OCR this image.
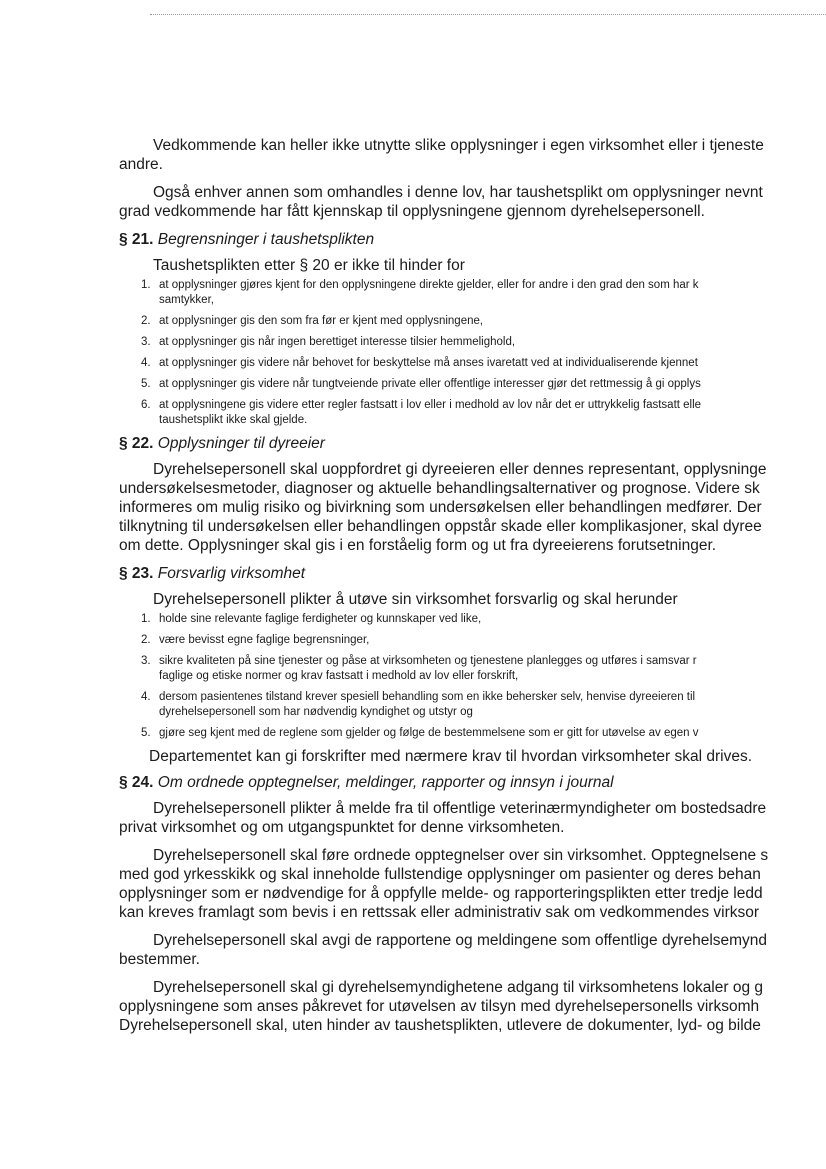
Vedkommende kan heller ikke utnytte slike opplysninger i egen virksomhet eller i tjeneste
andre.
Også enhver annen som omhandles i denne lov, har taushetsplikt om opplysninger nevnt
grad vedkommende har fått kjennskap til opplysningene gjennom dyrehelsepersonell.
§ 21. Begrensninger i taushetsplikten
Taushetsplikten etter § 20 er ikke til hinder for
1. at opplysninger gjøres kjent for den opplysningene direkte gjelder, eller for andre i den grad den som har k
samtykker,
2. at opplysninger gis den som fra før er kjent med opplysningene,
3. at opplysninger gis når ingen berettiget interesse tilsier hemmelighold,
4. at opplysninger gis videre når behovet for beskyttelse må anses ivaretatt ved at individualiserende kjennet
5. at opplysninger gis videre når tungtveiende private eller offentlige interesser gjør det rettmessig å gi opplys
6. at opplysningene gis videre etter regler fastsatt i lov eller i medhold av lov når det er uttrykkelig fastsatt elle
taushetsplikt ikke skal gjelde.
§ 22. Opplysninger til dyreeier
Dyrehelsepersonell skal uoppfordret gi dyreeieren eller dennes representant, opplysninge
undersøkelsesmetoder, diagnoser og aktuelle behandlingsalternativer og prognose. Videre sk
informeres om mulig risiko og bivirkning som undersøkelsen eller behandlingen medfører. Der
tilknytning til undersøkelsen eller behandlingen oppstår skade eller komplikasjoner, skal dyree
om dette. Opplysninger skal gis i en forståelig form og ut fra dyreeierens forutsetninger.
§ 23. Forsvarlig virksomhet
Dyrehelsepersonell plikter å utøve sin virksomhet forsvarlig og skal herunder
1. holde sine relevante faglige ferdigheter og kunnskaper ved like,
2. være bevisst egne faglige begrensninger,
3. sikre kvaliteten på sine tjenester og påse at virksomheten og tjenestene planlegges og utføres i samsvar r
faglige og etiske normer og krav fastsatt i medhold av lov eller forskrift,
4. dersom pasientenes tilstand krever spesiell behandling som en ikke behersker selv, henvise dyreeieren til
dyrehelsepersonell som har nødvendig kyndighet og utstyr og
5. gjøre seg kjent med de reglene som gjelder og følge de bestemmelsene som er gitt for utøvelse av egen v
Departementet kan gi forskrifter med nærmere krav til hvordan virksomheter skal drives.
§ 24. Om ordnede opptegnelser, meldinger, rapporter og innsyn i journal
Dyrehelsepersonell plikter å melde fra til offentlige veterinærmyndigheter om bostedsadre
privat virksomhet og om utgangspunktet for denne virksomheten.
Dyrehelsepersonell skal føre ordnede opptegnelser over sin virksomhet. Opptegnelsene s
med god yrkesskikk og skal inneholde fullstendige opplysninger om pasienter og deres behan
opplysninger som er nødvendige for å oppfylle melde- og rapporteringsplikten etter tredje ledd
kan kreves framlagt som bevis i en rettssak eller administrativ sak om vedkommendes virksor
Dyrehelsepersonell skal avgi de rapportene og meldingene som offentlige dyrehelsemynd
bestemmer.
Dyrehelsepersonell skal gi dyrehelsemyndighetene adgang til virksomhetens lokaler og g
opplysningene som anses påkrevet for utøvelsen av tilsyn med dyrehelsepersonells virksomh
Dyrehelsepersonell skal, uten hinder av taushetsplikten, utlevere de dokumenter, lyd- og bilde
